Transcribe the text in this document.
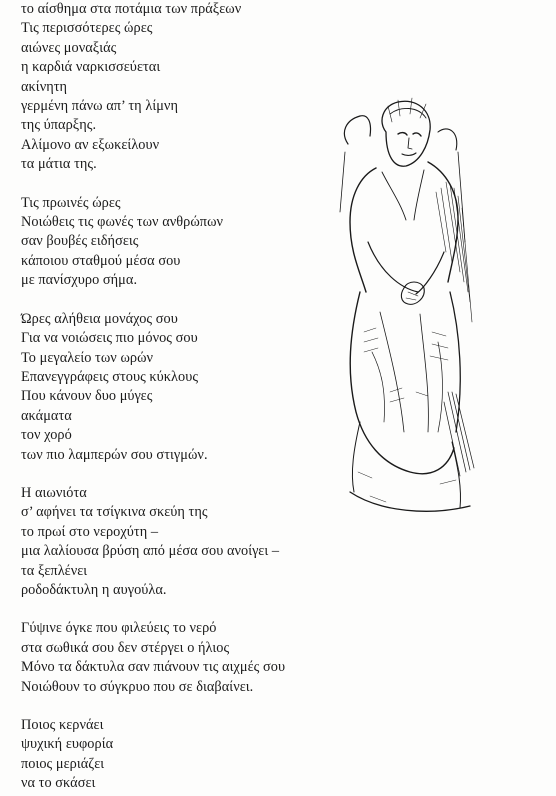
το αίσθημα στα ποτάμια των πράξεων
Τις περισσότερες ώρες
αιώνες μοναξιάς
η καρδιά ναρκισσεύεται
ακίνητη
γερμένη πάνω απ’ τη λίμνη
της ύπαρξης.
Αλίμονο αν εξωκείλουν
τα μάτια της.
Τις πρωινές ώρες
Νοιώθεις τις φωνές των ανθρώπων
σαν βουβές ειδήσεις
κάποιου σταθμού μέσα σου
με πανίσχυρο σήμα.
Ώρες αλήθεια μονάχος σου
Για να νοιώσεις πιο μόνος σου
Το μεγαλείο των ωρών
Επανεγγράφεις στους κύκλους
Που κάνουν δυο μύγες
ακάματα
τον χορό
των πιο λαμπερών σου στιγμών.
Η αιωνιότα
σ’ αφήνει τα τσίγκινα σκεύη της
το πρωί στο νεροχύτη –
μια λαλίουσα βρύση από μέσα σου ανοίγει –
τα ξεπλένει
ροδοδάκτυλη η αυγούλα.
Γύψινε όγκε που φιλεύεις το νερό
στα σωθικά σου δεν στέργει ο ήλιος
Μόνο τα δάκτυλα σαν πιάνουν τις αιχμές σου
Νοιώθουν το σύγκρυο που σε διαβαίνει.
Ποιος κερνάει
ψυχική ευφορία
ποιος μεριάζει
να το σκάσει
